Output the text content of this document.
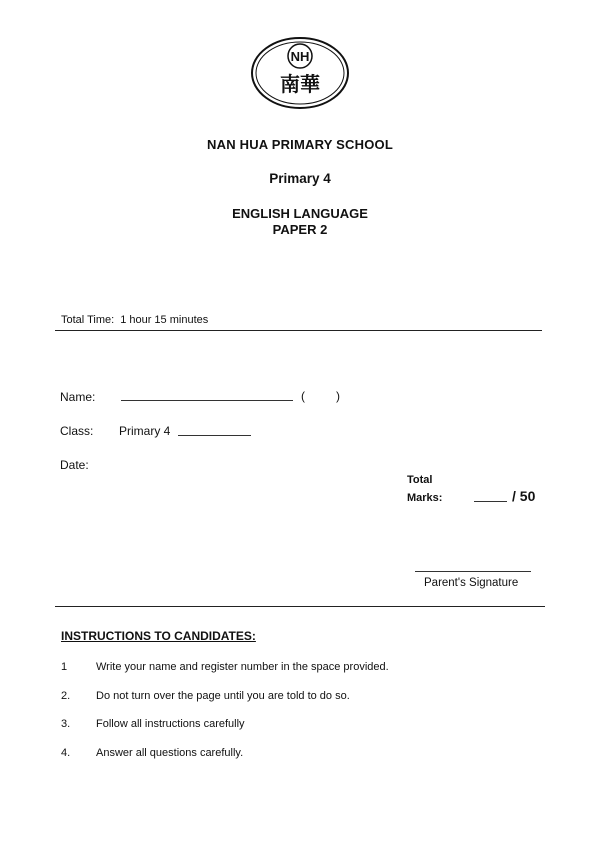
NH
南華
NAN HUA PRIMARY SCHOOL
Primary 4
ENGLISH LANGUAGE
PAPER 2
Total Time: 1 hour 15 minutes
Name:	(	)
Class: Primary 4
Date:
Total
Marks:	/ 50
Parent's Signature
INSTRUCTIONS TO CANDIDATES:
1	Write your name and register number in the space provided.
2. Do not turn over the page until you are told to do so.
3. Follow all instructions carefully
4. Answer all questions carefully.
